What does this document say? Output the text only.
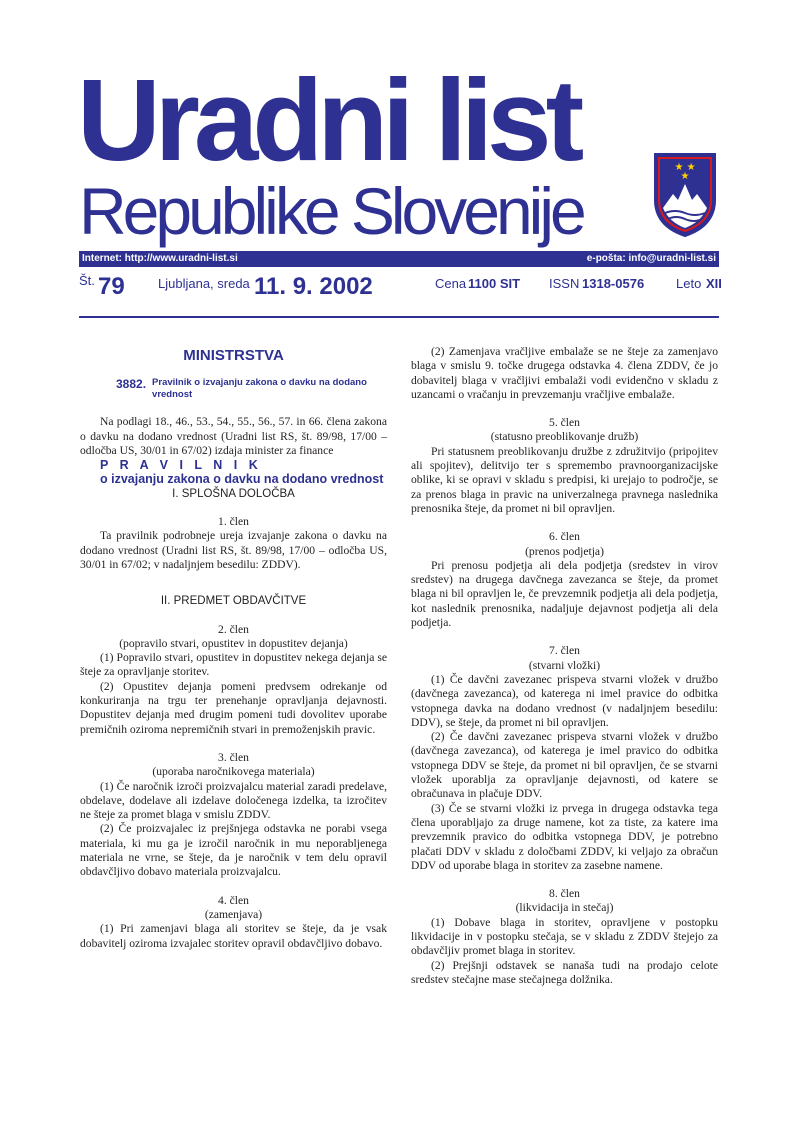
Uradni list
Republike Slovenije
★ ★
★
Internet: http://www.uradni-list.si	e-pošta: info@uradni-list.si
Št. 79	Ljubljana, sreda 11. 9. 2002	Cena 1100 SIT ISSN 1318-0576 Leto XII

MINISTRSTVA

3882. Pravilnik o izvajanju zakona o davku na dodano vrednost

Na podlagi 18., 46., 53., 54., 55., 56., 57. in 66. člena zakona o davku na dodano vrednost (Uradni list RS, št. 89/98, 17/00 – odločba US, 30/01 in 67/02) izdaja minister za finance

P R A V I L N I K

o izvajanju zakona o davku na dodano vrednost

I. SPLOŠNA DOLOČBA

1. člen

Ta pravilnik podrobneje ureja izvajanje zakona o davku na dodano vrednost (Uradni list RS, št. 89/98, 17/00 – odločba US, 30/01 in 67/02; v nadaljnjem besedilu: ZDDV).

II. PREDMET OBDAVČITVE

2. člen

(popravilo stvari, opustitev in dopustitev dejanja)

(1) Popravilo stvari, opustitev in dopustitev nekega dejanja se šteje za opravljanje storitev.

(2) Opustitev dejanja pomeni predvsem odrekanje od konkuriranja na trgu ter prenehanje opravljanja dejavnosti. Dopustitev dejanja med drugim pomeni tudi dovolitev uporabe premičnih oziroma nepremičnih stvari in premoženjskih pravic.

3. člen

(uporaba naročnikovega materiala)

(1) Če naročnik izroči proizvajalcu material zaradi predelave, obdelave, dodelave ali izdelave določenega izdelka, ta izročitev ne šteje za promet blaga v smislu ZDDV.

(2) Če proizvajalec iz prejšnjega odstavka ne porabi vsega materiala, ki mu ga je izročil naročnik in mu neporabljenega materiala ne vrne, se šteje, da je naročnik v tem delu opravil obdavčljivo dobavo materiala proizvajalcu.

4. člen

(zamenjava)

(1) Pri zamenjavi blaga ali storitev se šteje, da je vsak dobavitelj oziroma izvajalec storitev opravil obdavčljivo dobavo.

(2) Zamenjava vračljive embalaže se ne šteje za zamenjavo blaga v smislu 9. točke drugega odstavka 4. člena ZDDV, če jo dobavitelj blaga v vračljivi embalaži vodi evidenčno v skladu z uzancami o vračanju in prevzemanju vračljive embalaže.

5. člen

(statusno preoblikovanje družb)

Pri statusnem preoblikovanju družbe z združitvijo (pripojitev ali spojitev), delitvijo ter s spremembo pravnoorganizacijske oblike, ki se opravi v skladu s predpisi, ki urejajo to področje, se za prenos blaga in pravic na univerzalnega pravnega naslednika prenosnika šteje, da promet ni bil opravljen.

6. člen

(prenos podjetja)

Pri prenosu podjetja ali dela podjetja (sredstev in virov sredstev) na drugega davčnega zavezanca se šteje, da promet blaga ni bil opravljen le, če prevzemnik podjetja ali dela podjetja, kot naslednik prenosnika, nadaljuje dejavnost podjetja ali dela podjetja.

7. člen

(stvarni vložki)

(1) Če davčni zavezanec prispeva stvarni vložek v družbo (davčnega zavezanca), od katerega ni imel pravice do odbitka vstopnega davka na dodano vrednost (v nadaljnjem besedilu: DDV), se šteje, da promet ni bil opravljen.

(2) Če davčni zavezanec prispeva stvarni vložek v družbo (davčnega zavezanca), od katerega je imel pravico do odbitka vstopnega DDV se šteje, da promet ni bil opravljen, če se stvarni vložek uporablja za opravljanje dejavnosti, od katere se obračunava in plačuje DDV.

(3) Če se stvarni vložki iz prvega in drugega odstavka tega člena uporabljajo za druge namene, kot za tiste, za katere ima prevzemnik pravico do odbitka vstopnega DDV, je potrebno plačati DDV v skladu z določbami ZDDV, ki veljajo za obračun DDV od uporabe blaga in storitev za zasebne namene.

8. člen

(likvidacija in stečaj)

(1) Dobave blaga in storitev, opravljene v postopku likvidacije in v postopku stečaja, se v skladu z ZDDV štejejo za obdavčljiv promet blaga in storitev.

(2) Prejšnji odstavek se nanaša tudi na prodajo celote sredstev stečajne mase stečajnega dolžnika.
